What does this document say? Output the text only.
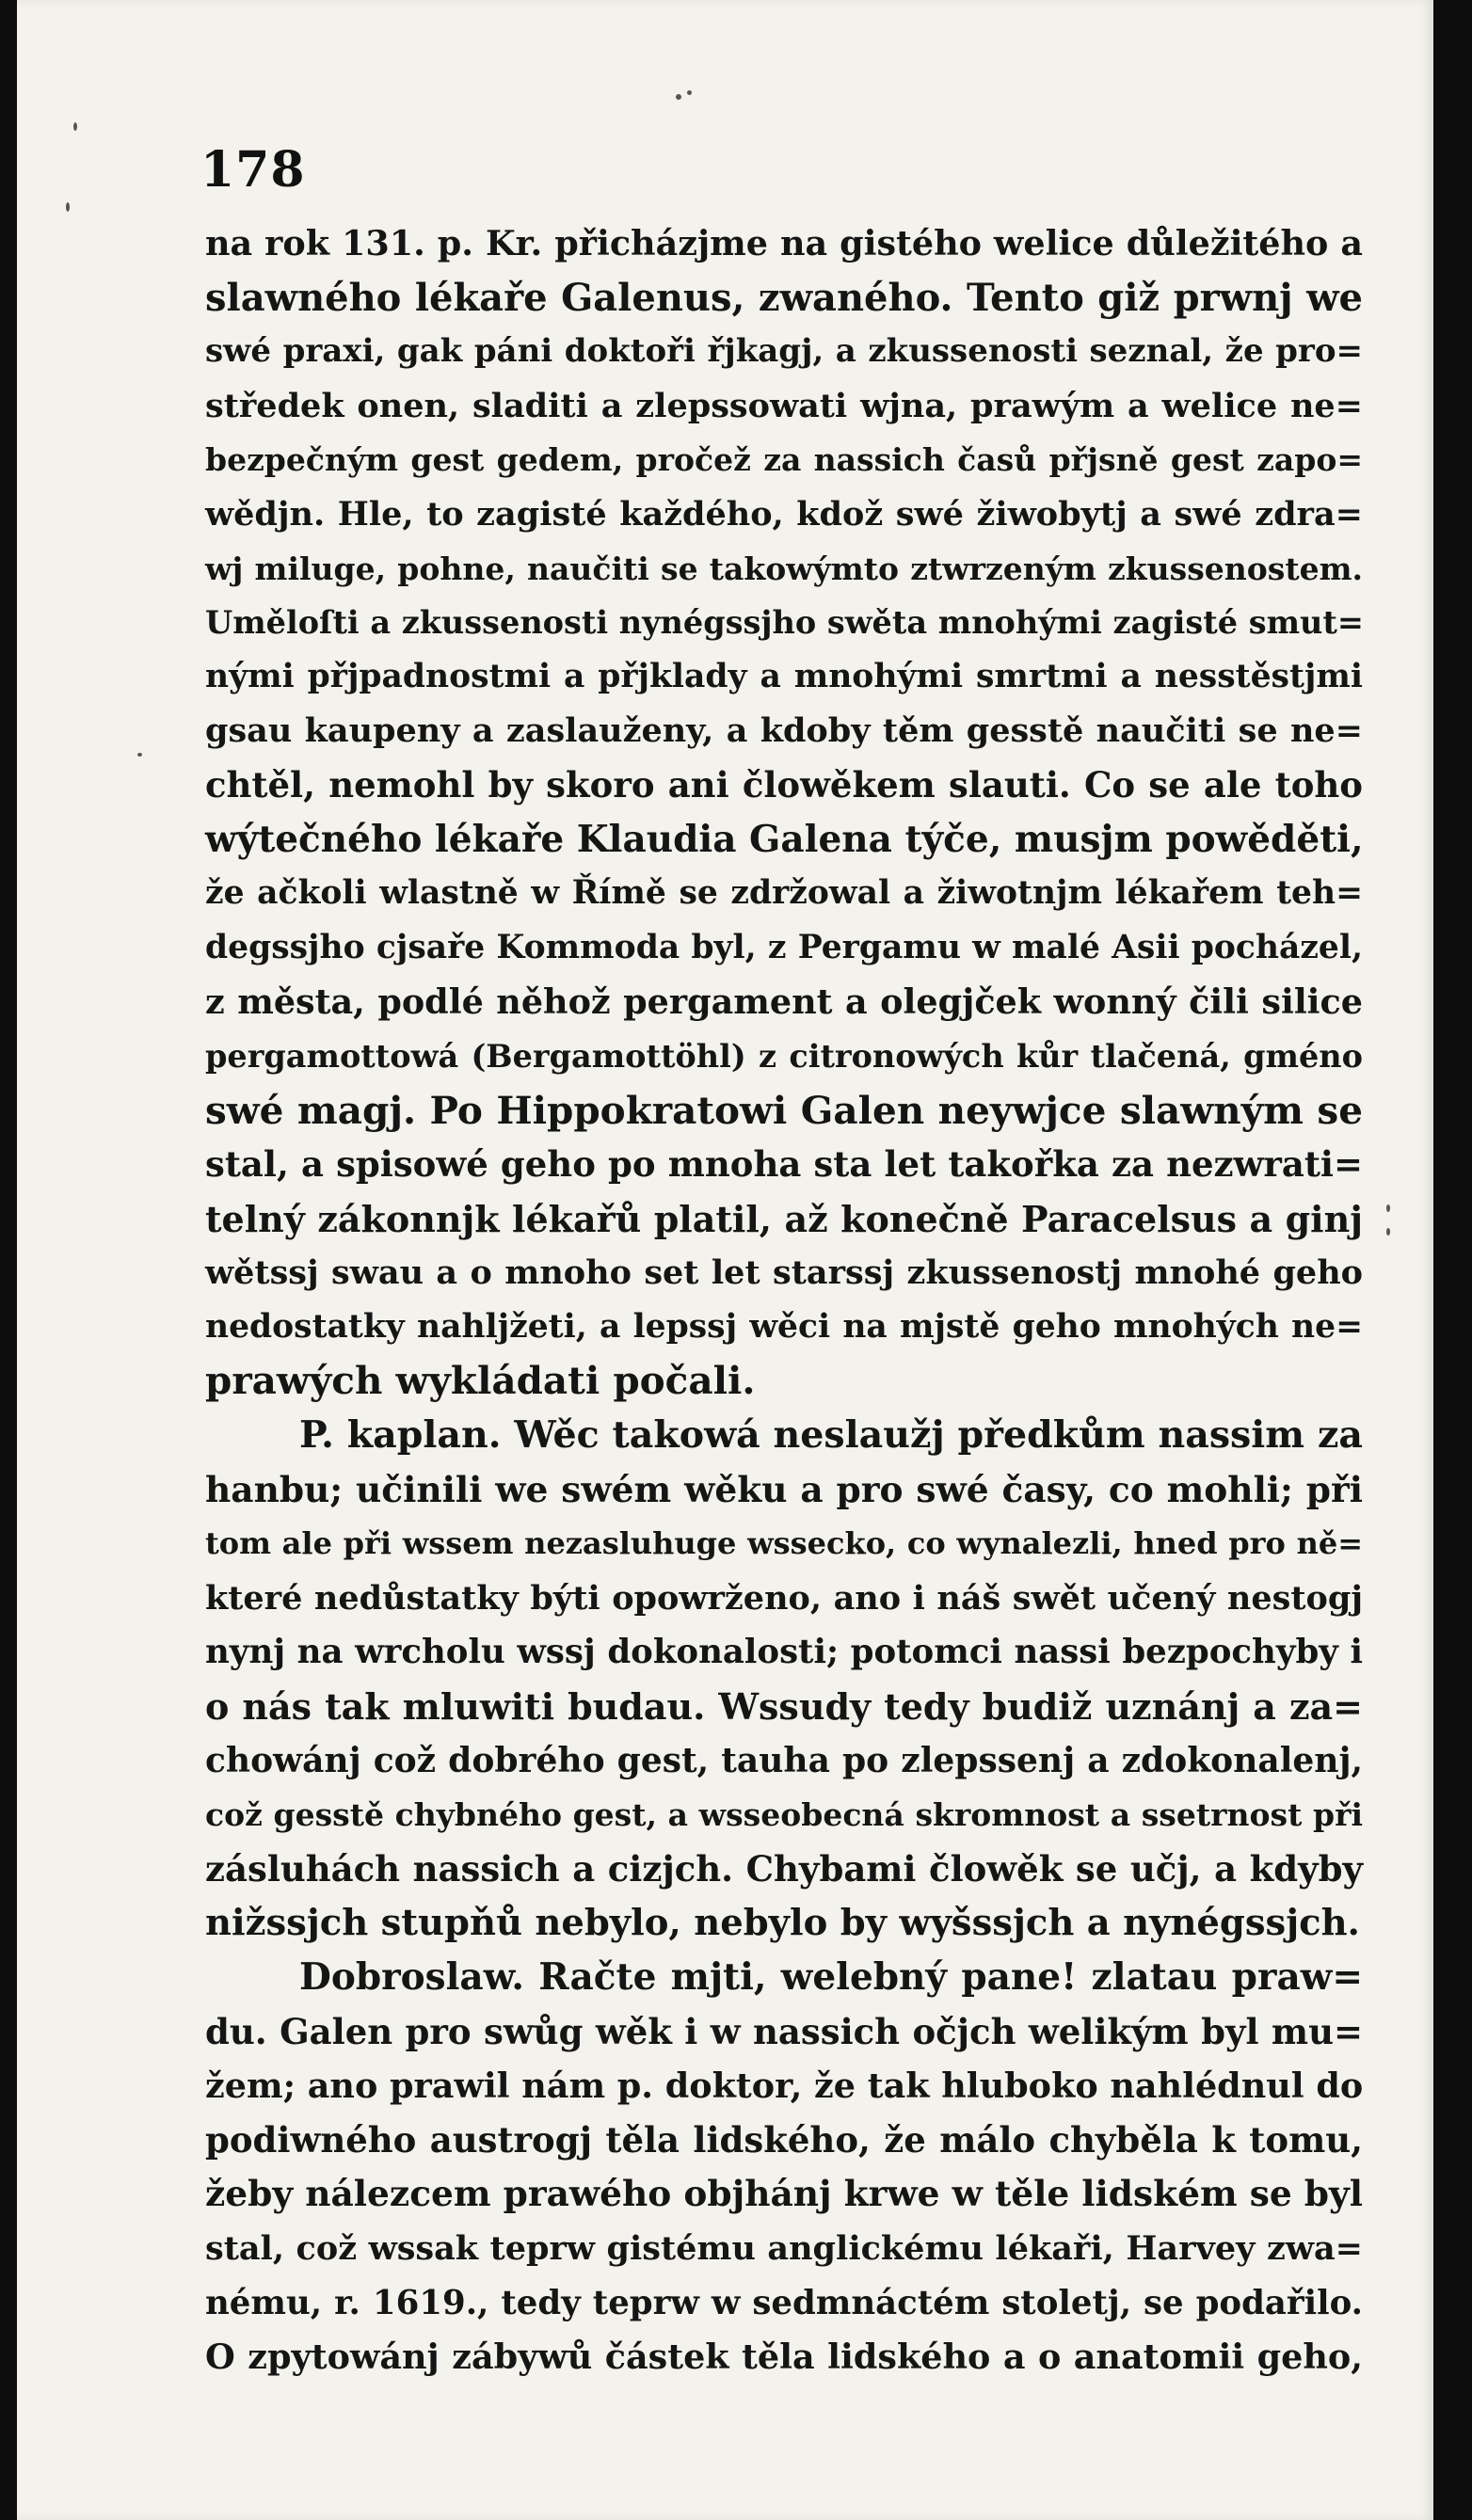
178
na rok 131. p. Kr. přicházjme na gistého welice důležitého a
slawného lékaře Galenus, zwaného. Tento giž prwnj we
swé praxi, gak páni doktoři řjkagj, a zkussenosti seznal, že pro=
středek onen, sladiti a zlepssowati wjna, prawým a welice ne=
bezpečným gest gedem, pročež za nassich časů přjsně gest zapo=
wědjn. Hle, to zagisté každého, kdož swé žiwobytj a swé zdra=
wj miluge, pohne, naučiti se takowýmto ztwrzeným zkussenostem.
Uměloſti a zkussenosti nynégssjho swěta mnohými zagisté smut=
nými přjpadnostmi a přjklady a mnohými smrtmi a nesstěstjmi
gsau kaupeny a zaslauženy, a kdoby těm gesstě naučiti se ne=
chtěl, nemohl by skoro ani člowěkem slauti. Co se ale toho
wýtečného lékaře Klaudia Galena týče, musjm powěděti,
že ačkoli wlastně w Římě se zdržowal a žiwotnjm lékařem teh=
degssjho cjsaře Kommoda byl, z Pergamu w malé Asii pocházel,
z města, podlé něhož pergament a olegjček wonný čili silice
pergamottowá (Bergamottöhl) z citronowých kůr tlačená, gméno
swé magj. Po Hippokratowi Galen neywjce slawným se
stal, a spisowé geho po mnoha sta let takořka za nezwrati=
telný zákonnjk lékařů platil, až konečně Paracelsus a ginj
wětssj swau a o mnoho set let starssj zkussenostj mnohé geho
nedostatky nahljžeti, a lepssj wěci na mjstě geho mnohých ne=
prawých wykládati počali.
P. kaplan. Wěc takowá neslaužj předkům nassim za
hanbu; učinili we swém wěku a pro swé časy, co mohli; při
tom ale při wssem nezasluhuge wssecko, co wynalezli, hned pro ně=
které nedůstatky býti opowrženo, ano i náš swět učený nestogj
nynj na wrcholu wssj dokonalosti; potomci nassi bezpochyby i
o nás tak mluwiti budau. Wssudy tedy budiž uznánj a za=
chowánj což dobrého gest, tauha po zlepssenj a zdokonalenj,
což gesstě chybného gest, a wsseobecná skromnost a ssetrnost při
zásluhách nassich a cizjch. Chybami člowěk se učj, a kdyby
nižssjch stupňů nebylo, nebylo by wyšssjch a nynégssjch.
Dobroslaw. Račte mjti, welebný pane! zlatau praw=
du. Galen pro swůg wěk i w nassich očjch welikým byl mu=
žem; ano prawil nám p. doktor, že tak hluboko nahlédnul do
podiwného austrogj těla lidského, že málo chyběla k tomu,
žeby nálezcem prawého objhánj krwe w těle lidském se byl
stal, což wssak teprw gistému anglickému lékaři, Harvey zwa=
nému, r. 1619., tedy teprw w sedmnáctém stoletj, se podařilo.
O zpytowánj zábywů částek těla lidského a o anatomii geho,
